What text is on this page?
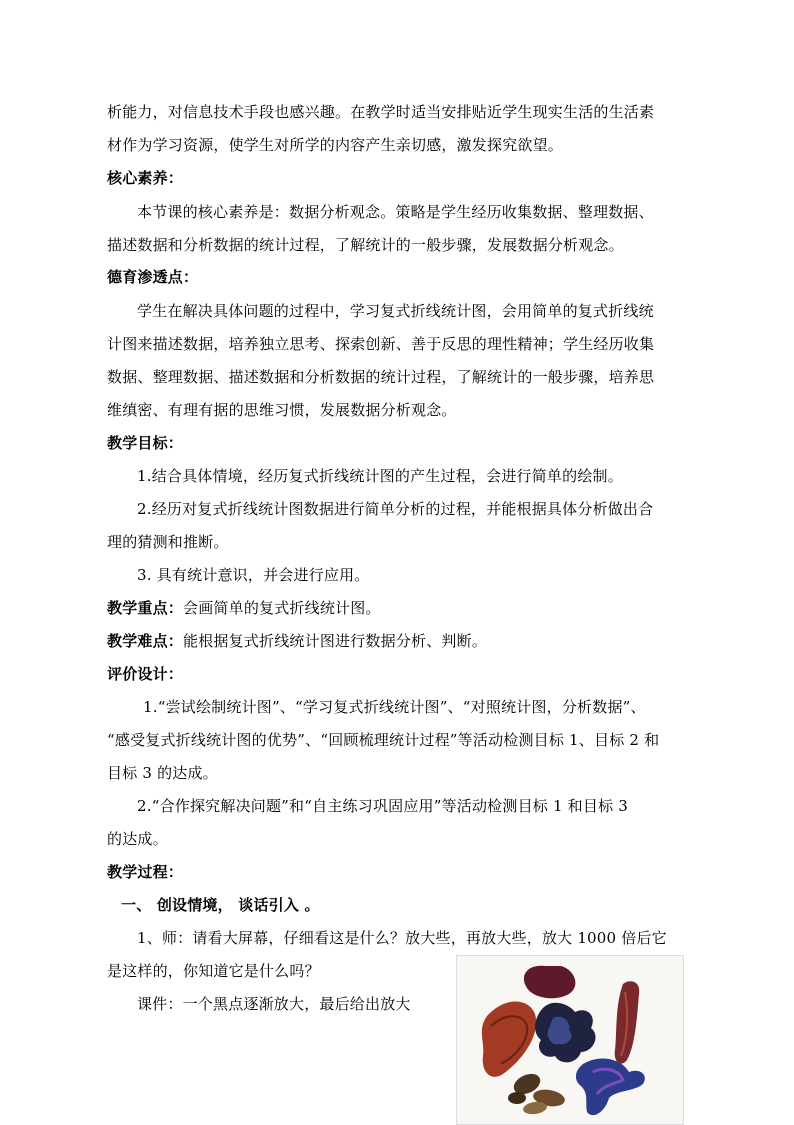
析能力，对信息技术手段也感兴趣。在教学时适当安排贴近学生现实生活的生活素
材作为学习资源，使学生对所学的内容产生亲切感，激发探究欲望。
核心素养：
本节课的核心素养是：数据分析观念。策略是学生经历收集数据、整理数据、
描述数据和分析数据的统计过程，了解统计的一般步骤，发展数据分析观念。
德育渗透点：
学生在解决具体问题的过程中，学习复式折线统计图，会用简单的复式折线统
计图来描述数据，培养独立思考、探索创新、善于反思的理性精神；学生经历收集
数据、整理数据、描述数据和分析数据的统计过程，了解统计的一般步骤，培养思
维缜密、有理有据的思维习惯，发展数据分析观念。
教学目标：
1.结合具体情境，经历复式折线统计图的产生过程，会进行简单的绘制。
2.经历对复式折线统计图数据进行简单分析的过程，并能根据具体分析做出合
理的猜测和推断。
3. 具有统计意识，并会进行应用。
教学重点：会画简单的复式折线统计图。
教学难点：能根据复式折线统计图进行数据分析、判断。
评价设计：
1.“尝试绘制统计图”、“学习复式折线统计图”、“对照统计图，分析数据”、
“感受复式折线统计图的优势”、“回顾梳理统计过程”等活动检测目标 1、目标 2 和
目标 3 的达成。
2.“合作探究解决问题”和“自主练习巩固应用”等活动检测目标 1 和目标 3
的达成。
教学过程：
一、 创设情境， 谈话引入 。
1、师：请看大屏幕，仔细看这是什么？放大些，再放大些，放大 1000 倍后它
是这样的，你知道它是什么吗？
课件：一个黑点逐渐放大，最后给出放大
